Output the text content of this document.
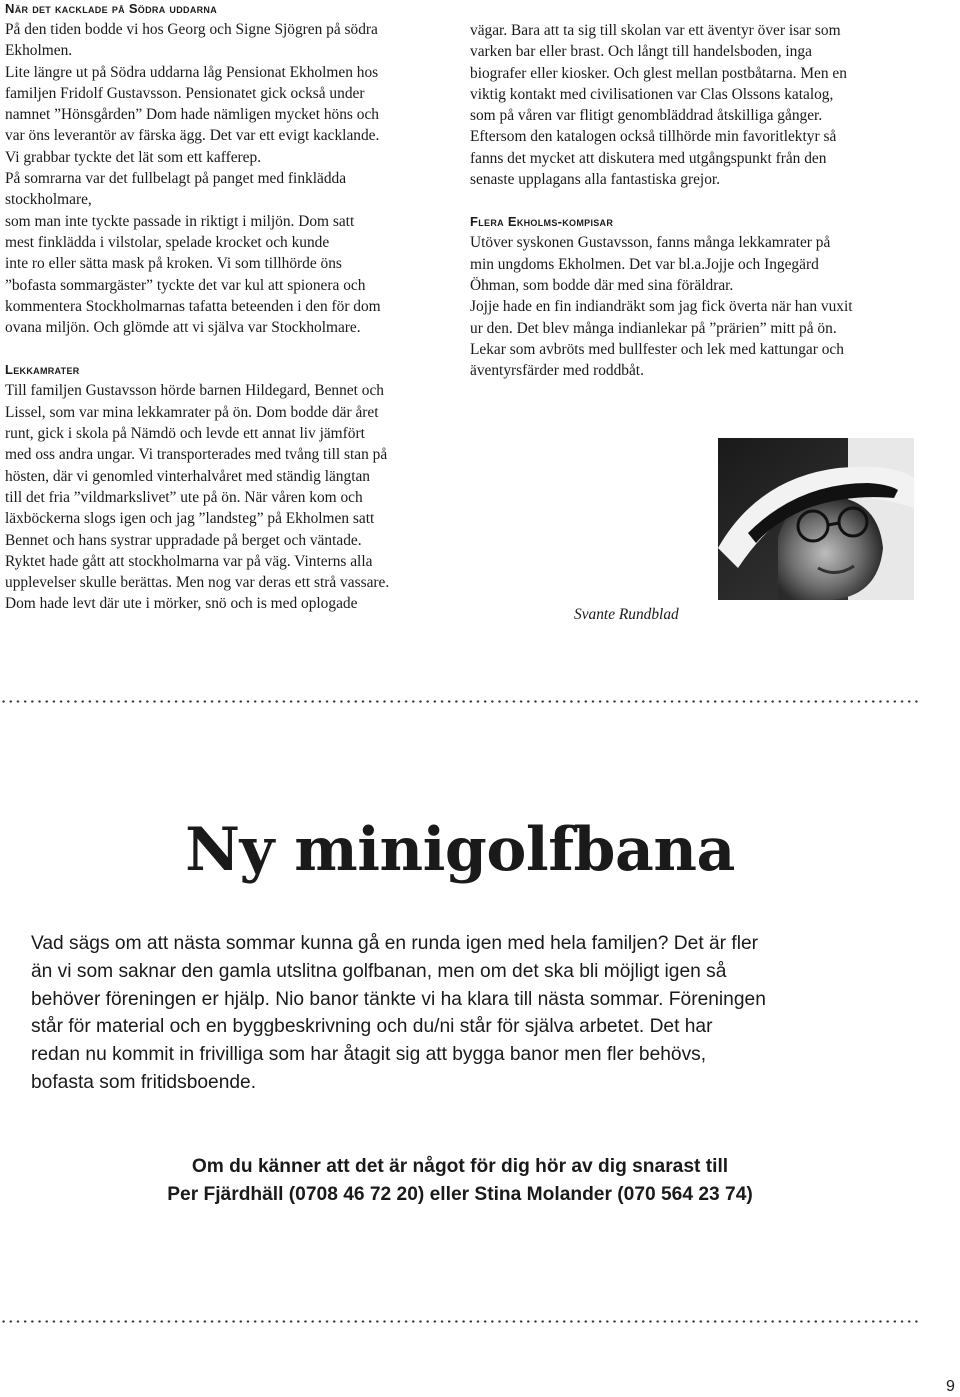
När det kacklade på Södra uddarna

På den tiden bodde vi hos Georg och Signe Sjögren på södra

Ekholmen.

Lite längre ut på Södra uddarna låg Pensionat Ekholmen hos

familjen Fridolf Gustavsson. Pensionatet gick också under

namnet ”Hönsgården” Dom hade nämligen mycket höns och

var öns leverantör av färska ägg. Det var ett evigt kacklande.

Vi grabbar tyckte det lät som ett kafferep.

På somrarna var det fullbelagt på panget med finklädda

stockholmare,

som man inte tyckte passade in riktigt i miljön. Dom satt

mest finklädda i vilstolar, spelade krocket och kunde

inte ro eller sätta mask på kroken. Vi som tillhörde öns

”bofasta sommargäster” tyckte det var kul att spionera och

kommentera Stockholmarnas tafatta beteenden i den för dom

ovana miljön. Och glömde att vi själva var Stockholmare.

Lekkamrater

Till familjen Gustavsson hörde barnen Hildegard, Bennet och

Lissel, som var mina lekkamrater på ön. Dom bodde där året

runt, gick i skola på Nämdö och levde ett annat liv jämfört

med oss andra ungar. Vi transporterades med tvång till stan på

hösten, där vi genomled vinterhalvåret med ständig längtan

till det fria ”vildmarkslivet” ute på ön. När våren kom och

läxböckerna slogs igen och jag ”landsteg” på Ekholmen satt

Bennet och hans systrar uppradade på berget och väntade.

Ryktet hade gått att stockholmarna var på väg. Vinterns alla

upplevelser skulle berättas. Men nog var deras ett strå vassare.

Dom hade levt där ute i mörker, snö och is med oplogade

vägar. Bara att ta sig till skolan var ett äventyr över isar som

varken bar eller brast. Och långt till handelsboden, inga

biografer eller kiosker. Och glest mellan postbåtarna. Men en

viktig kontakt med civilisationen var Clas Olssons katalog,

som på våren var flitigt genombläddrad åtskilliga gånger.

Eftersom den katalogen också tillhörde min favoritlektyr så

fanns det mycket att diskutera med utgångspunkt från den

senaste upplagans alla fantastiska grejor.

Flera Ekholms-kompisar

Utöver syskonen Gustavsson, fanns många lekkamrater på

min ungdoms Ekholmen. Det var bl.a.Jojje och Ingegärd

Öhman, som bodde där med sina föräldrar.

Jojje hade en fin indiandräkt som jag fick överta när han vuxit

ur den. Det blev många indianlekar på ”prärien” mitt på ön.

Lekar som avbröts med bullfester och lek med kattungar och

äventyrsfärder med roddbåt.

Svante Rundblad
Ny minigolfbana

Vad sägs om att nästa sommar kunna gå en runda igen med hela familjen? Det är fler

än vi som saknar den gamla utslitna golfbanan, men om det ska bli möjligt igen så

behöver föreningen er hjälp. Nio banor tänkte vi ha klara till nästa sommar. Föreningen

står för material och en byggbeskrivning och du/ni står för själva arbetet. Det har

redan nu kommit in frivilliga som har åtagit sig att bygga banor men fler behövs,

bofasta som fritidsboende.

Om du känner att det är något för dig hör av dig snarast till

Per Fjärdhäll (0708 46 72 20) eller Stina Molander (070 564 23 74)

9
